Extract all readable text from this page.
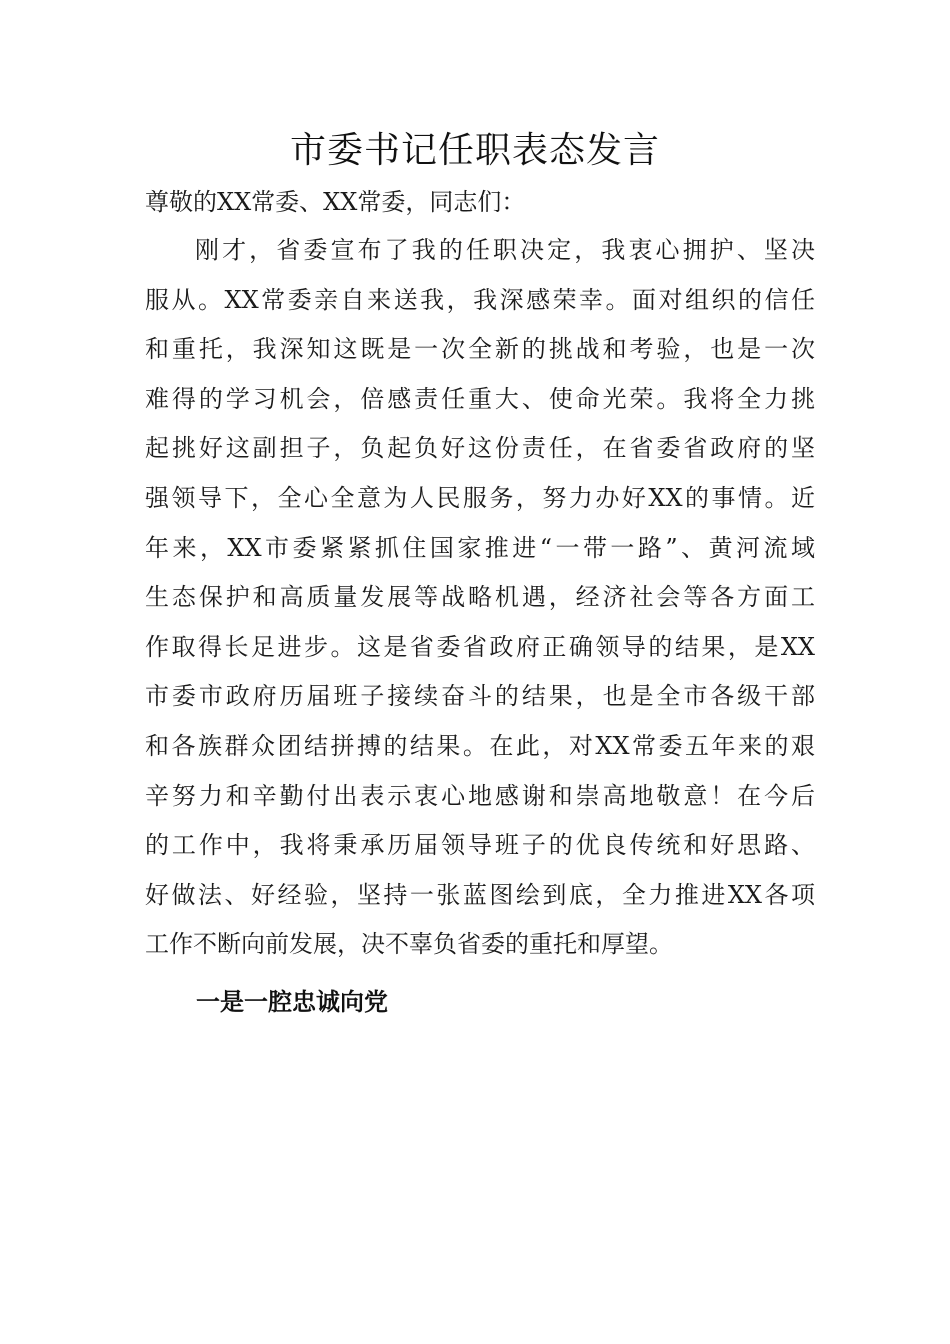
市委书记任职表态发言
尊敬的XX常委、XX常委，同志们：
刚才，省委宣布了我的任职决定，我衷心拥护、坚决
服从。XX常委亲自来送我，我深感荣幸。面对组织的信任
和重托，我深知这既是一次全新的挑战和考验，也是一次
难得的学习机会，倍感责任重大、使命光荣。我将全力挑
起挑好这副担子，负起负好这份责任，在省委省政府的坚
强领导下，全心全意为人民服务，努力办好XX的事情。近
年来，XX市委紧紧抓住国家推进“一带一路”、黄河流域
生态保护和高质量发展等战略机遇，经济社会等各方面工
作取得长足进步。这是省委省政府正确领导的结果，是XX
市委市政府历届班子接续奋斗的结果，也是全市各级干部
和各族群众团结拼搏的结果。在此，对XX常委五年来的艰
辛努力和辛勤付出表示衷心地感谢和崇高地敬意！在今后
的工作中，我将秉承历届领导班子的优良传统和好思路、
好做法、好经验，坚持一张蓝图绘到底，全力推进XX各项
工作不断向前发展，决不辜负省委的重托和厚望。
一是一腔忠诚向党
